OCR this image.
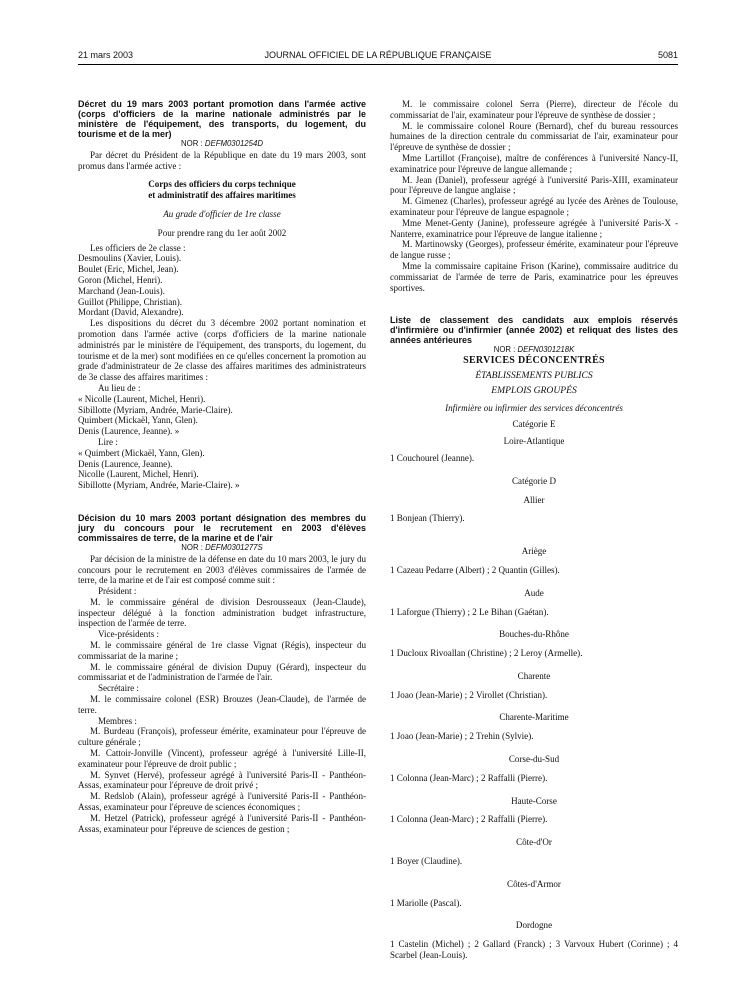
21 mars 2003	JOURNAL OFFICIEL DE LA RÉPUBLIQUE FRANÇAISE	5081

Décret du 19 mars 2003 portant promotion dans l'armée active (corps d'officiers de la marine nationale administrés par le ministère de l'équipement, des transports, du logement, du tourisme et de la mer)

NOR : DEFM0301254D

Par décret du Président de la République en date du 19 mars 2003, sont promus dans l'armée active :

Corps des officiers du corps technique

et administratif des affaires maritimes

Au grade d'officier de 1re classe

Pour prendre rang du 1er août 2002

Les officiers de 2e classe :

Desmoulins (Xavier, Louis).

Boulet (Eric, Michel, Jean).

Goron (Michel, Henri).

Marchand (Jean-Louis).

Guillot (Philippe, Christian).

Mordant (David, Alexandre).

Les dispositions du décret du 3 décembre 2002 portant nomination et promotion dans l'armée active (corps d'officiers de la marine nationale administrés par le ministère de l'équipement, des transports, du logement, du tourisme et de la mer) sont modifiées en ce qu'elles concernent la promotion au grade d'administrateur de 2e classe des affaires maritimes des administrateurs de 3e classe des affaires maritimes :

Au lieu de :

« Nicolle (Laurent, Michel, Henri).

Sibillotte (Myriam, Andrée, Marie-Claire).

Quimbert (Mickaël, Yann, Glen).

Denis (Laurence, Jeanne). »

Lire :

« Quimbert (Mickaël, Yann, Glen).

Denis (Laurence, Jeanne).

Nicolle (Laurent, Michel, Henri).

Sibillotte (Myriam, Andrée, Marie-Claire). »

Décision du 10 mars 2003 portant désignation des membres du jury du concours pour le recrutement en 2003 d'élèves commissaires de terre, de la marine et de l'air

NOR : DEFM0301277S

Par décision de la ministre de la défense en date du 10 mars 2003, le jury du concours pour le recrutement en 2003 d'élèves commissaires de l'armée de terre, de la marine et de l'air est composé comme suit :

Président :

M. le commissaire général de division Desrousseaux (Jean-Claude), inspecteur délégué à la fonction administration budget infrastructure, inspection de l'armée de terre.

Vice-présidents :

M. le commissaire général de 1re classe Vignat (Régis), inspecteur du commissariat de la marine ;

M. le commissaire général de division Dupuy (Gérard), inspecteur du commissariat et de l'administration de l'armée de l'air.

Secrétaire :

M. le commissaire colonel (ESR) Brouzes (Jean-Claude), de l'armée de terre.

Membres :

M. Burdeau (François), professeur émérite, examinateur pour l'épreuve de culture générale ;

M. Cattoir-Jonville (Vincent), professeur agrégé à l'université Lille-II, examinateur pour l'épreuve de droit public ;

M. Synvet (Hervé), professeur agrégé à l'université Paris-II - Panthéon-Assas, examinateur pour l'épreuve de droit privé ;

M. Redslob (Alain), professeur agrégé à l'université Paris-II - Panthéon-Assas, examinateur pour l'épreuve de sciences économiques ;

M. Hetzel (Patrick), professeur agrégé à l'université Paris-II - Panthéon-Assas, examinateur pour l'épreuve de sciences de gestion ;

M. le commissaire colonel Serra (Pierre), directeur de l'école du commissariat de l'air, examinateur pour l'épreuve de synthèse de dossier ;

M. le commissaire colonel Roure (Bernard), chef du bureau ressources humaines de la direction centrale du commissariat de l'air, examinateur pour l'épreuve de synthèse de dossier ;

Mme Lartillot (Françoise), maître de conférences à l'université Nancy-II, examinatrice pour l'épreuve de langue allemande ;

M. Jean (Daniel), professeur agrégé à l'université Paris-XIII, examinateur pour l'épreuve de langue anglaise ;

M. Gimenez (Charles), professeur agrégé au lycée des Arènes de Toulouse, examinateur pour l'épreuve de langue espagnole ;

Mme Menet-Genty (Janine), professeure agrégée à l'université Paris-X - Nanterre, examinatrice pour l'épreuve de langue italienne ;

M. Martinowsky (Georges), professeur émérite, examinateur pour l'épreuve de langue russe ;

Mme la commissaire capitaine Frison (Karine), commissaire auditrice du commissariat de l'armée de terre de Paris, examinatrice pour les épreuves sportives.

Liste de classement des candidats aux emplois réservés d'infirmière ou d'infirmier (année 2002) et reliquat des listes des années antérieures

NOR : DEFN0301218K

SERVICES DÉCONCENTRÉS

ÉTABLISSEMENTS PUBLICS

EMPLOIS GROUPÉS

Infirmière ou infirmier des services déconcentrés

Catégorie E

Loire-Atlantique

1 Couchourel (Jeanne).

Catégorie D

Allier

1 Bonjean (Thierry).

Ariège

1 Cazeau Pedarre (Albert) ; 2 Quantin (Gilles).

Aude

1 Laforgue (Thierry) ; 2 Le Bihan (Gaétan).

Bouches-du-Rhône

1 Ducloux Rivoallan (Christine) ; 2 Leroy (Armelle).

Charente

1 Joao (Jean-Marie) ; 2 Virollet (Christian).

Charente-Maritime

1 Joao (Jean-Marie) ; 2 Trehin (Sylvie).

Corse-du-Sud

1 Colonna (Jean-Marc) ; 2 Raffalli (Pierre).

Haute-Corse

1 Colonna (Jean-Marc) ; 2 Raffalli (Pierre).

Côte-d'Or

1 Boyer (Claudine).

Côtes-d'Armor

1 Mariolle (Pascal).

Dordogne

1 Castelin (Michel) ; 2 Gallard (Franck) ; 3 Varvoux Hubert (Corinne) ; 4 Scarbel (Jean-Louis).
